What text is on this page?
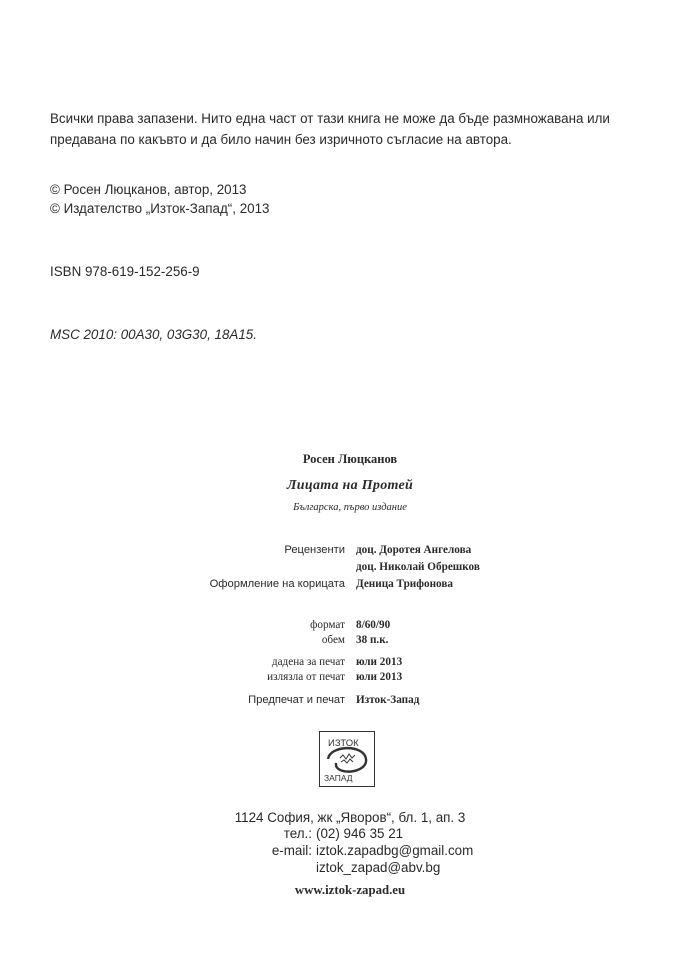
Всички права запазени. Нито една част от тази книга не може да бъде размножавана или предавана по какъвто и да било начин без изричното съгласие на автора.
© Росен Люцканов, автор, 2013
© Издателство „Изток-Запад“, 2013
ISBN 978-619-152-256-9
MSC 2010: 00A30, 03G30, 18A15.
Росен Люцканов
Лицата на Протей
Българска, първо издание
Рецензенти доц. Доротея Ангелова
доц. Николай Обрешков
Оформление на корицата Деница Трифонова
формат 8/60/90
обем 38 п.к.
дадена за печат юли 2013
излязла от печат юли 2013
Предпечат и печат Изток-Запад
ИЗТОК
ЗАПАД
1124 София, жк „Яворов“, бл. 1, ап. 3
тел.: (02) 946 35 21
e-mail: iztok.zapadbg@gmail.com
iztok_zapad@abv.bg
www.iztok-zapad.eu
